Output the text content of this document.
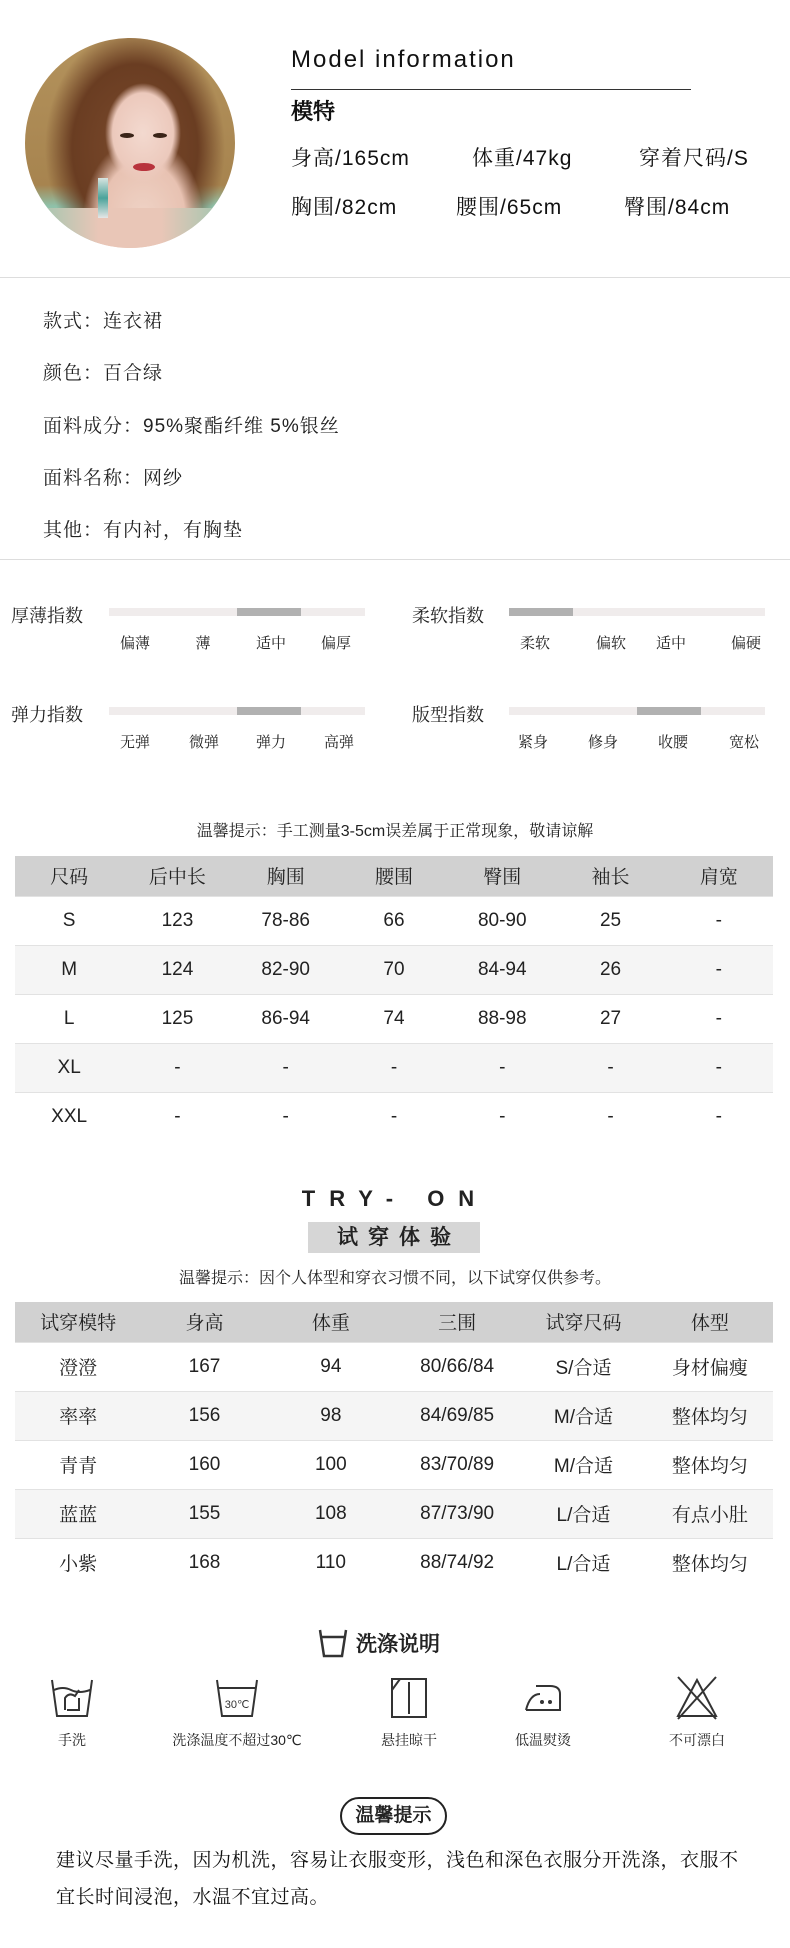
Model information
模特
身高/165cm	体重/47kg	穿着尺码/S
胸围/82cm	腰围/65cm	臀围/84cm
款式：连衣裙
颜色：百合绿
面料成分：95%聚酯纤维 5%银丝
面料名称：网纱
其他：有内衬，有胸垫
厚薄指数
偏薄	薄	适中 偏厚
柔软指数
柔软	偏软 适中	偏硬
弹力指数
无弹	微弹 弹力	高弹
版型指数
紧身	修身	收腰	宽松
温馨提示：手工测量3-5cm误差属于正常现象，敬请谅解
尺码	后中长	胸围	腰围	臀围	袖长	肩宽
S	123	78-86	66	80-90	25	-
M	124	82-90	70	84-94	26	-
L	125	86-94	74	88-98	27	-
XL	-	-	-	-	-	-
XXL	-	-	-	-	-	-
TRY- ON
试穿体验
温馨提示：因个人体型和穿衣习惯不同，以下试穿仅供参考。
试穿模特	身高	体重	三围	试穿尺码	体型
澄澄	167	94	80/66/84	S/合适	身材偏瘦
率率	156	98	84/69/85	M/合适	整体均匀
青青	160	100	83/70/89	M/合适	整体均匀
蓝蓝	155	108	87/73/90	L/合适	有点小肚
小紫	168	110	88/74/92	L/合适	整体均匀
洗涤说明
手洗
30℃
洗涤温度不超过30℃	悬挂晾干	低温熨烫	不可漂白
温馨提示
建议尽量手洗，因为机洗，容易让衣服变形，浅色和深色衣服分开洗涤，衣服不宜长时间浸泡，水温不宜过高。
